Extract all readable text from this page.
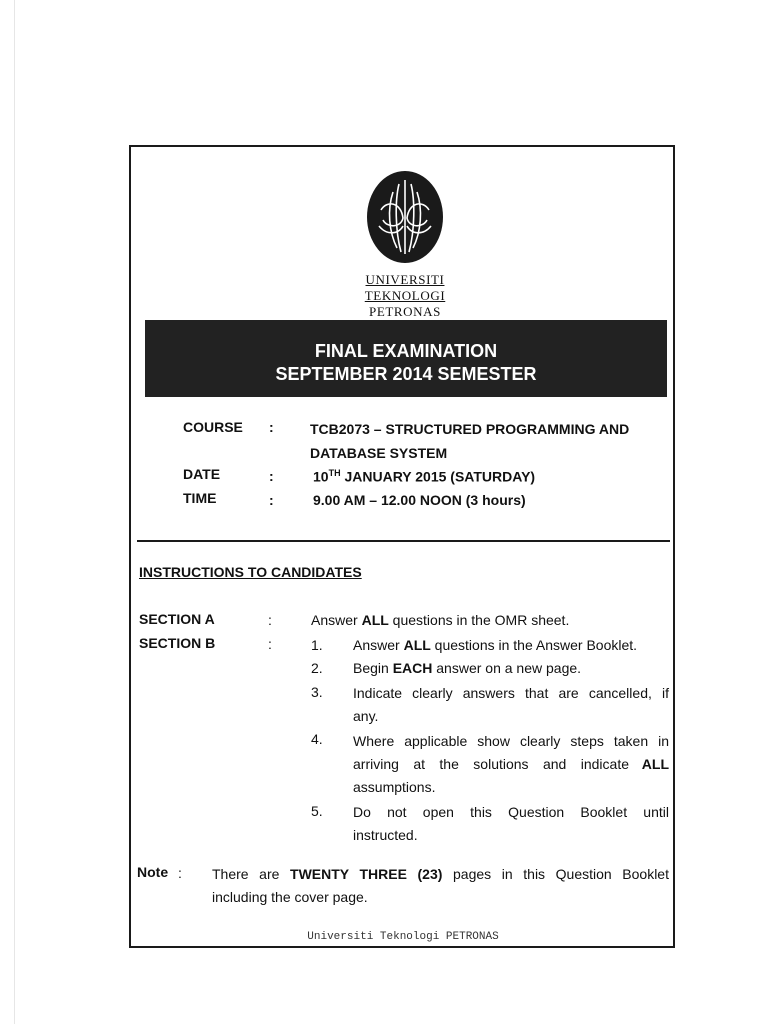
UNIVERSITI
TEKNOLOGI
PETRONAS
FINAL EXAMINATION
SEPTEMBER 2014 SEMESTER
COURSE :	TCB2073 – STRUCTURED PROGRAMMING AND
DATABASE SYSTEM
DATE	:	10TH JANUARY 2015 (SATURDAY)
TIME	:	9.00 AM – 12.00 NOON (3 hours)
INSTRUCTIONS TO CANDIDATES
SECTION A	:	Answer ALL questions in the OMR sheet.
SECTION B	:	1. Answer ALL questions in the Answer Booklet.
2. Begin EACH answer on a new page.
3. Indicate clearly answers that are cancelled, if
any.
4. Where applicable show clearly steps taken in
arriving at the solutions and indicate ALL
assumptions.
5. Do not open this Question Booklet until
instructed.
Note : There are TWENTY THREE (23) pages in this Question Booklet
including the cover page.
Universiti Teknologi PETRONAS
